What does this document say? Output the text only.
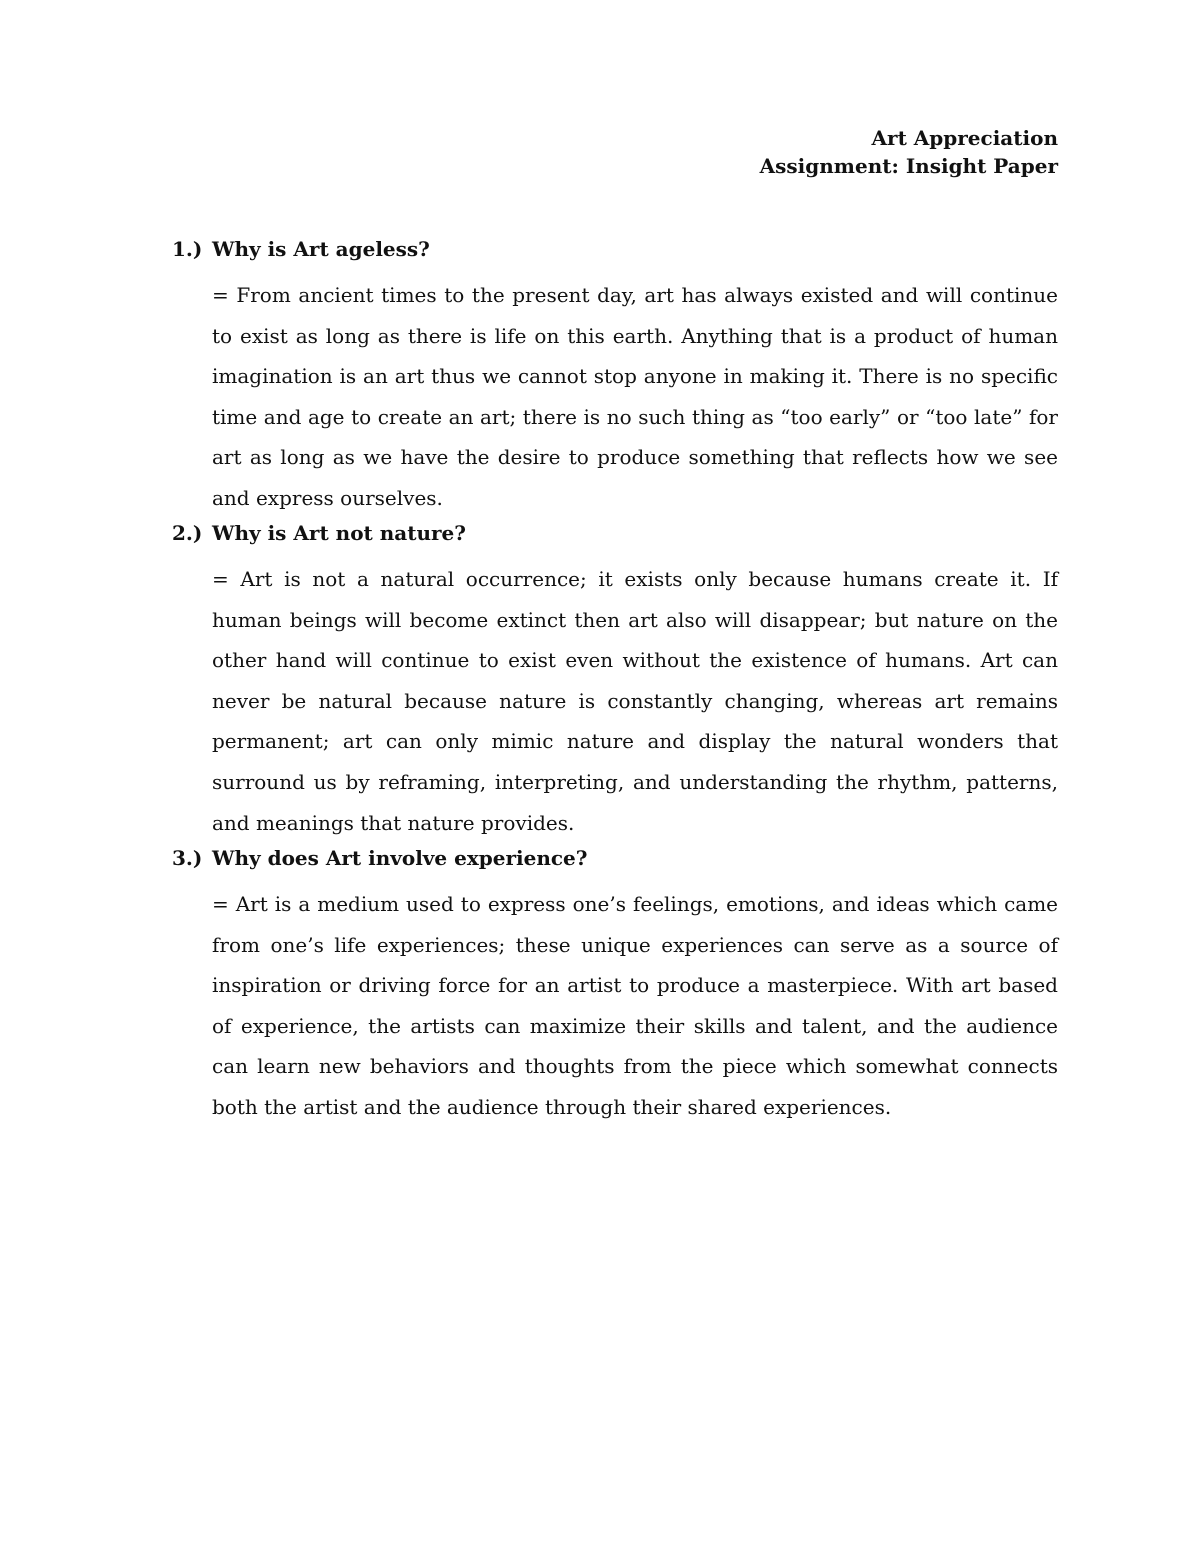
Art Appreciation
Assignment: Insight Paper
1.) Why is Art ageless?

= From ancient times to the present day, art has always existed and will continue to exist as long as there is life on this earth. Anything that is a product of human imagination is an art thus we cannot stop anyone in making it. There is no specific time and age to create an art; there is no such thing as “too early” or “too late” for art as long as we have the desire to produce something that reflects how we see and express ourselves.

2.) Why is Art not nature?

= Art is not a natural occurrence; it exists only because humans create it. If human beings will become extinct then art also will disappear; but nature on the other hand will continue to exist even without the existence of humans. Art can never be natural because nature is constantly changing, whereas art remains permanent; art can only mimic nature and display the natural wonders that surround us by reframing, interpreting, and understanding the rhythm, patterns, and meanings that nature provides.

3.) Why does Art involve experience?

= Art is a medium used to express one’s feelings, emotions, and ideas which came from one’s life experiences; these unique experiences can serve as a source of inspiration or driving force for an artist to produce a masterpiece. With art based of experience, the artists can maximize their skills and talent, and the audience can learn new behaviors and thoughts from the piece which somewhat connects both the artist and the audience through their shared experiences.
